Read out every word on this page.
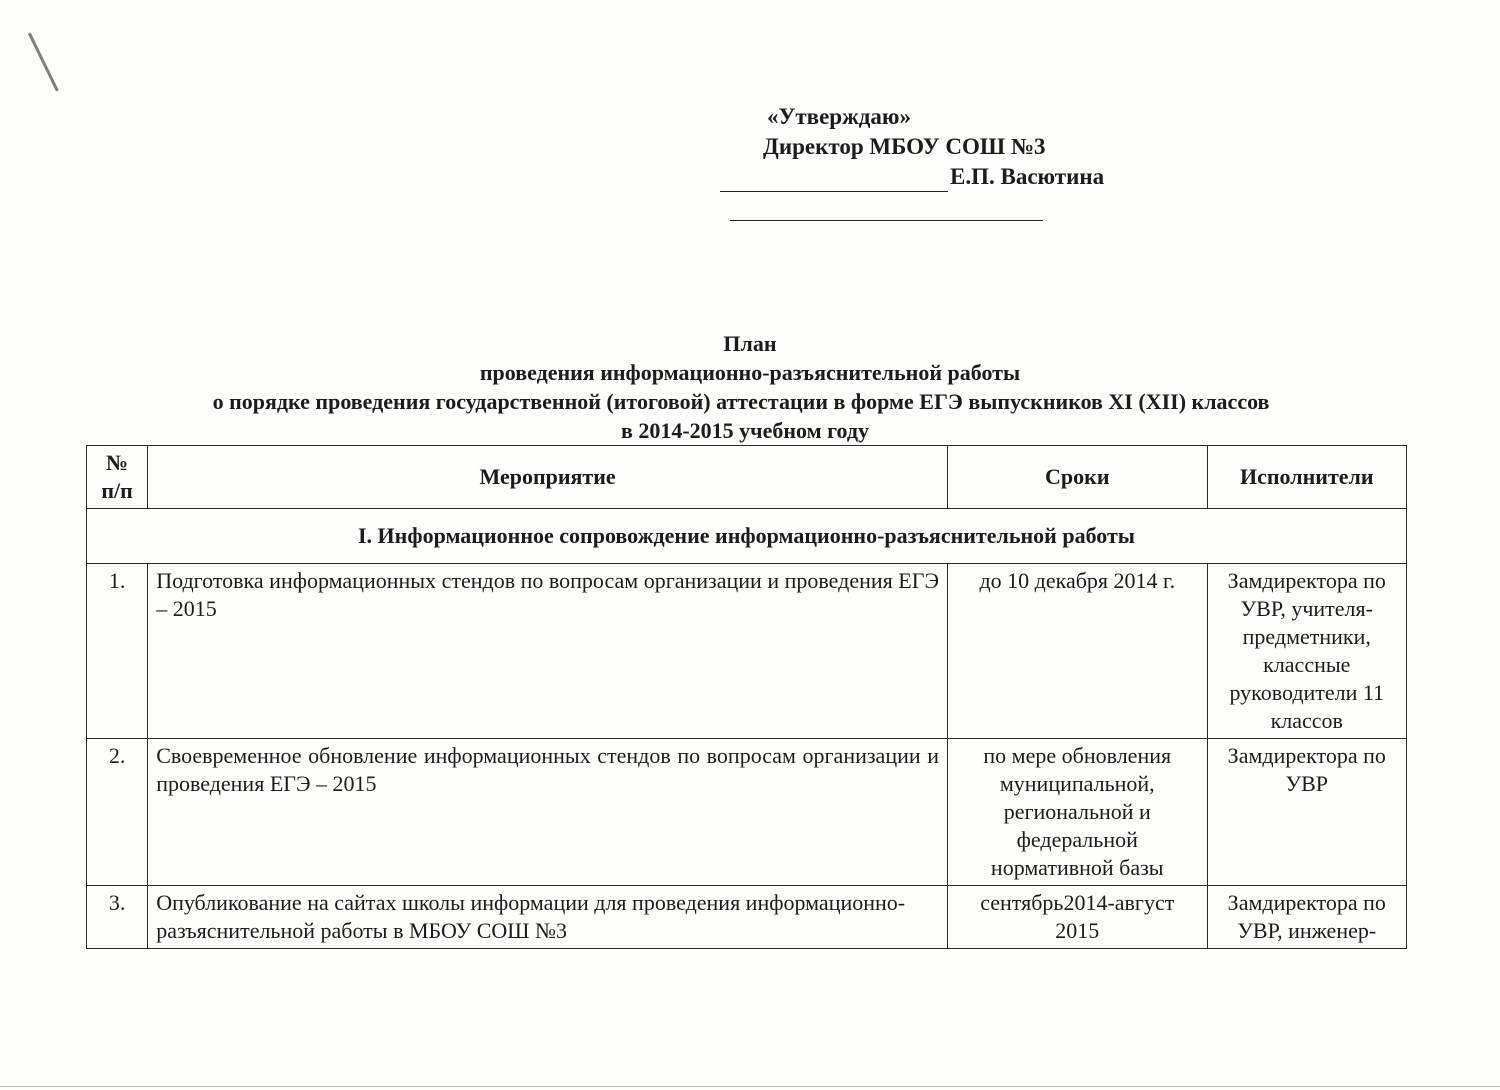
«Утверждаю»
Директор МБОУ СОШ №3
Е.П. Васютина
План
проведения информационно-разъяснительной работы
о порядке проведения государственной (итоговой) аттестации в форме ЕГЭ выпускников XI (XII) классов
в 2014-2015 учебном году
№ п/п	Мероприятие	Сроки	Исполнители
I. Информационное сопровождение информационно-разъяснительной работы			
1.	Подготовка информационных стендов по вопросам организации и проведения ЕГЭ – 2015	до 10 декабря 2014 г.	Замдиректора по УВР, учителя-предметники, классные руководители 11 классов
2.	Своевременное обновление информационных стендов по вопросам организации и проведения ЕГЭ – 2015	по мере обновления муниципальной, региональной и федеральной нормативной базы	Замдиректора по УВР
3.	Опубликование на сайтах школы информации для проведения информационно-разъяснительной работы в МБОУ СОШ №3	сентябрь2014-август 2015	Замдиректора по УВР, инженер-
